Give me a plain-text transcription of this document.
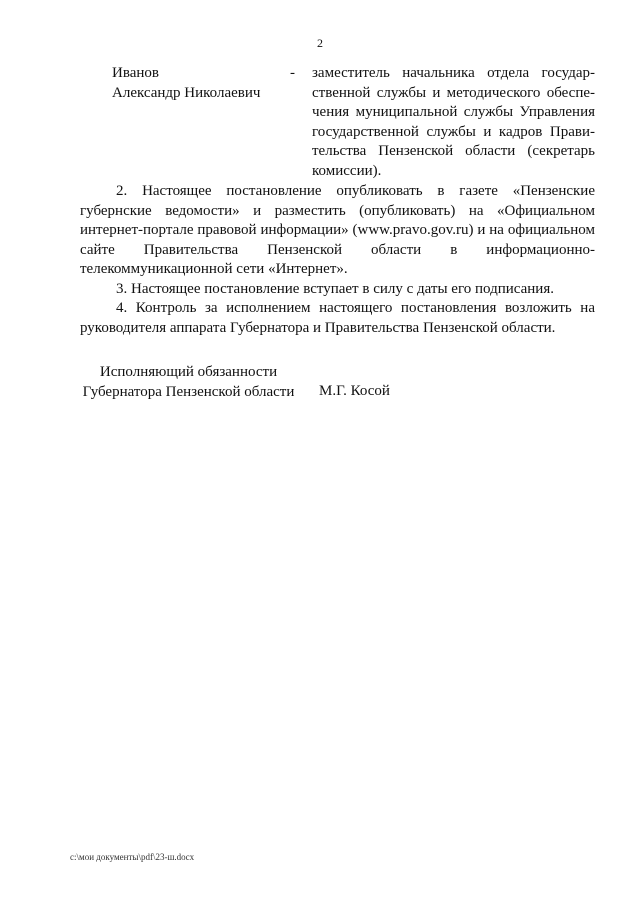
2
Иванов
Александр Николаевич
- заместитель начальника отдела государ-
ственной службы и методического обеспе-
чения муниципальной службы Управления
государственной службы и кадров Прави-
тельства Пензенской области (секретарь
комиссии).

2. Настоящее постановление опубликовать в газете «Пензенские губернские ведомости» и разместить (опубликовать) на «Официальном интернет-портале правовой информации» (www.pravo.gov.ru) и на официальном сайте Правительства Пензенской области в информационно-телекоммуникационной сети «Интернет».

3. Настоящее постановление вступает в силу с даты его подписания.

4. Контроль за исполнением настоящего постановления возложить на руководителя аппарата Губернатора и Правительства Пензенской области.

Исполняющий обязанности
Губернатора Пензенской области	М.Г. Косой
c:\мои документы\pdf\23-ш.docx
